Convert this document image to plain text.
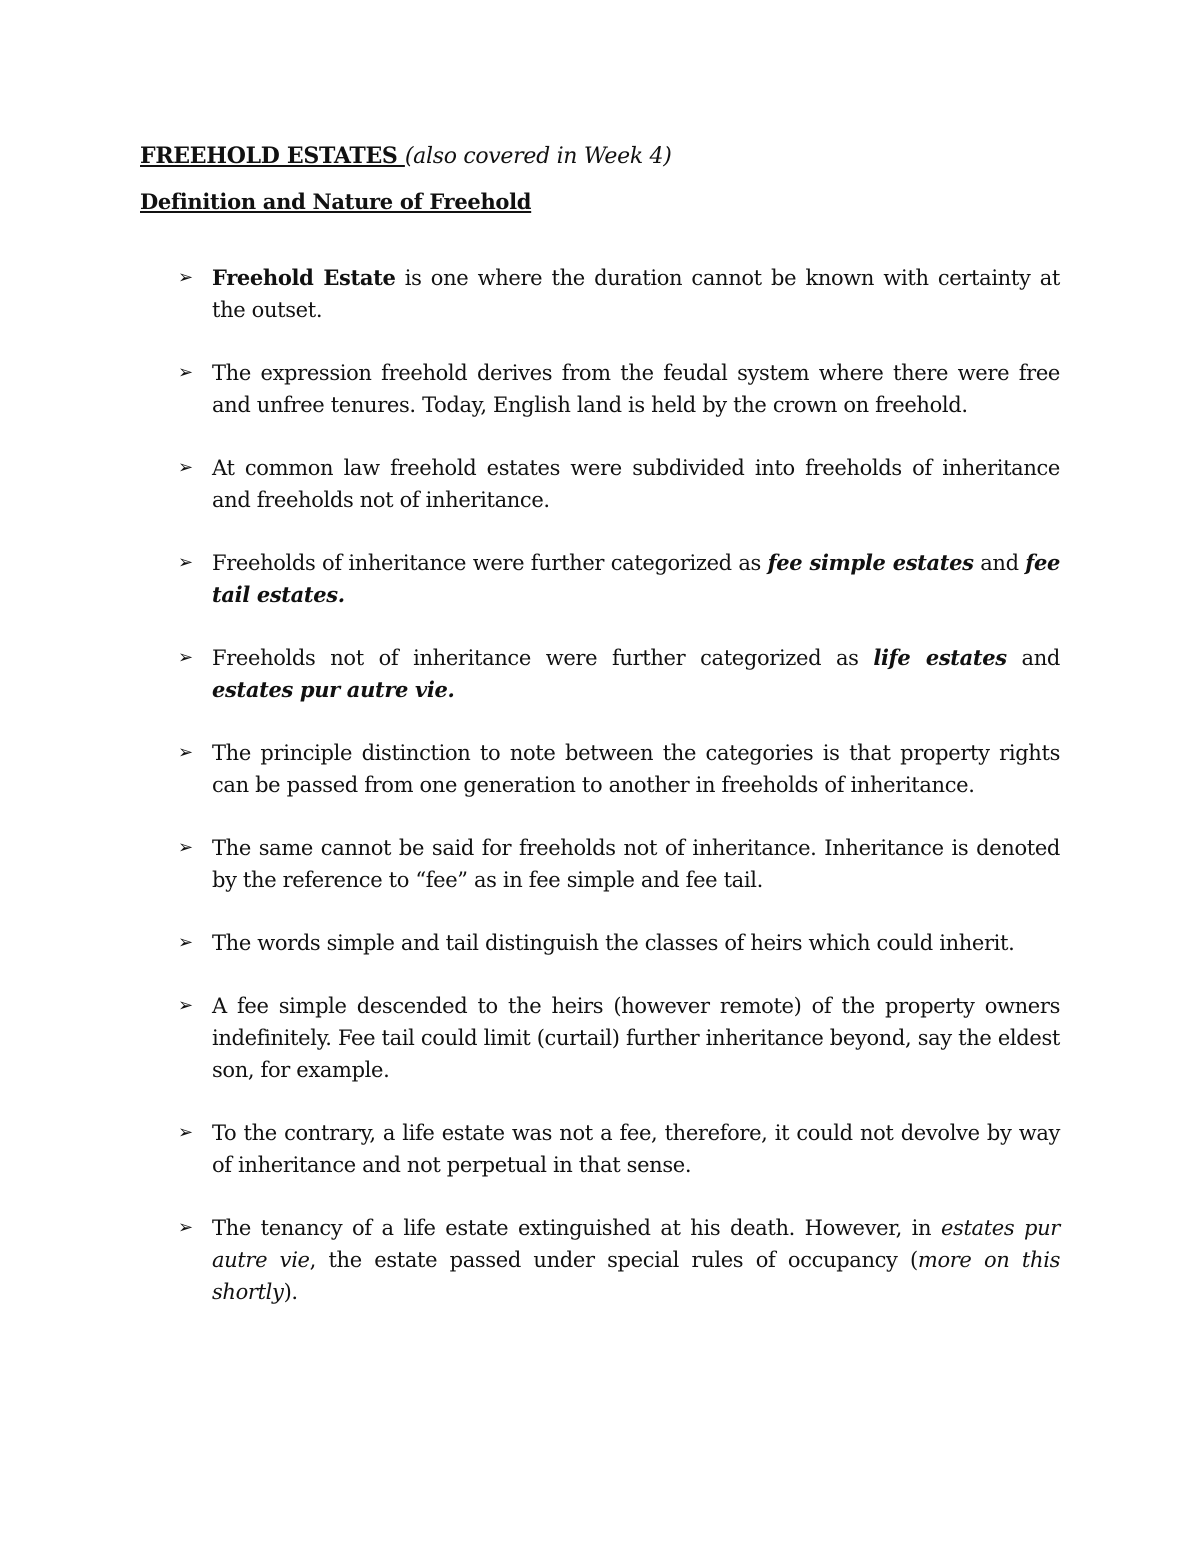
FREEHOLD ESTATES (also covered in Week 4)
Definition and Nature of Freehold
➢ Freehold Estate is one where the duration cannot be known with certainty at the outset.
➢ The expression freehold derives from the feudal system where there were free and unfree tenures. Today, English land is held by the crown on freehold.
➢ At common law freehold estates were subdivided into freeholds of inheritance and freeholds not of inheritance.
➢ Freeholds of inheritance were further categorized as fee simple estates and fee tail estates.
➢ Freeholds not of inheritance were further categorized as life estates and estates pur autre vie.
➢ The principle distinction to note between the categories is that property rights can be passed from one generation to another in freeholds of inheritance.
➢ The same cannot be said for freeholds not of inheritance. Inheritance is denoted by the reference to “fee” as in fee simple and fee tail.
➢ The words simple and tail distinguish the classes of heirs which could inherit.
➢ A fee simple descended to the heirs (however remote) of the property owners indefinitely. Fee tail could limit (curtail) further inheritance beyond, say the eldest son, for example.
➢ To the contrary, a life estate was not a fee, therefore, it could not devolve by way of inheritance and not perpetual in that sense.
➢ The tenancy of a life estate extinguished at his death. However, in estates pur autre vie, the estate passed under special rules of occupancy (more on this shortly).
